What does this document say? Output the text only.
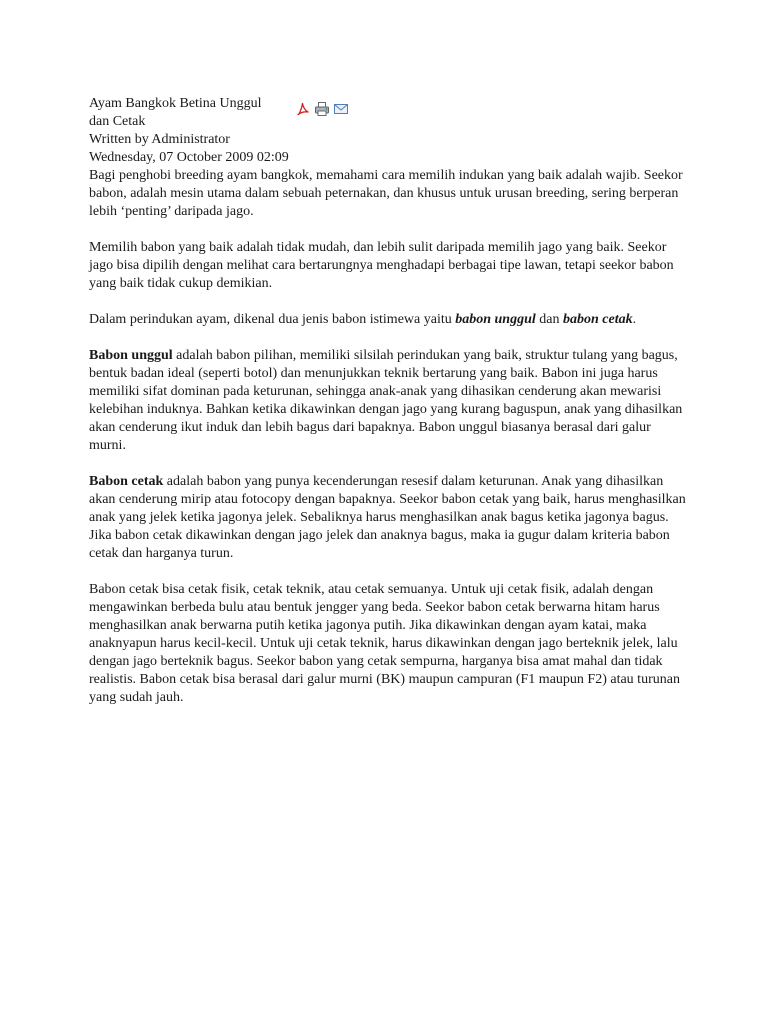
Ayam Bangkok Betina Unggul dan Cetak

Written by Administrator

Wednesday, 07 October 2009 02:09

Bagi penghobi breeding ayam bangkok, memahami cara memilih indukan yang baik adalah wajib. Seekor babon, adalah mesin utama dalam sebuah peternakan, dan khusus untuk urusan breeding, sering berperan lebih ‘penting’ daripada jago.

Memilih babon yang baik adalah tidak mudah, dan lebih sulit daripada memilih jago yang baik. Seekor jago bisa dipilih dengan melihat cara bertarungnya menghadapi berbagai tipe lawan, tetapi seekor babon yang baik tidak cukup demikian.

Dalam perindukan ayam, dikenal dua jenis babon istimewa yaitu babon unggul dan babon cetak.

Babon unggul adalah babon pilihan, memiliki silsilah perindukan yang baik, struktur tulang yang bagus, bentuk badan ideal (seperti botol) dan menunjukkan teknik bertarung yang baik. Babon ini juga harus memiliki sifat dominan pada keturunan, sehingga anak-anak yang dihasikan cenderung akan mewarisi kelebihan induknya. Bahkan ketika dikawinkan dengan jago yang kurang baguspun, anak yang dihasilkan akan cenderung ikut induk dan lebih bagus dari bapaknya. Babon unggul biasanya berasal dari galur murni.

Babon cetak adalah babon yang punya kecenderungan resesif dalam keturunan. Anak yang dihasilkan akan cenderung mirip atau fotocopy dengan bapaknya. Seekor babon cetak yang baik, harus menghasilkan anak yang jelek ketika jagonya jelek. Sebaliknya harus menghasilkan anak bagus ketika jagonya bagus. Jika babon cetak dikawinkan dengan jago jelek dan anaknya bagus, maka ia gugur dalam kriteria babon cetak dan harganya turun.

Babon cetak bisa cetak fisik, cetak teknik, atau cetak semuanya. Untuk uji cetak fisik, adalah dengan mengawinkan berbeda bulu atau bentuk jengger yang beda. Seekor babon cetak berwarna hitam harus menghasilkan anak berwarna putih ketika jagonya putih. Jika dikawinkan dengan ayam katai, maka anaknyapun harus kecil-kecil. Untuk uji cetak teknik, harus dikawinkan dengan jago berteknik jelek, lalu dengan jago berteknik bagus. Seekor babon yang cetak sempurna, harganya bisa amat mahal dan tidak realistis. Babon cetak bisa berasal dari galur murni (BK) maupun campuran (F1 maupun F2) atau turunan yang sudah jauh.
